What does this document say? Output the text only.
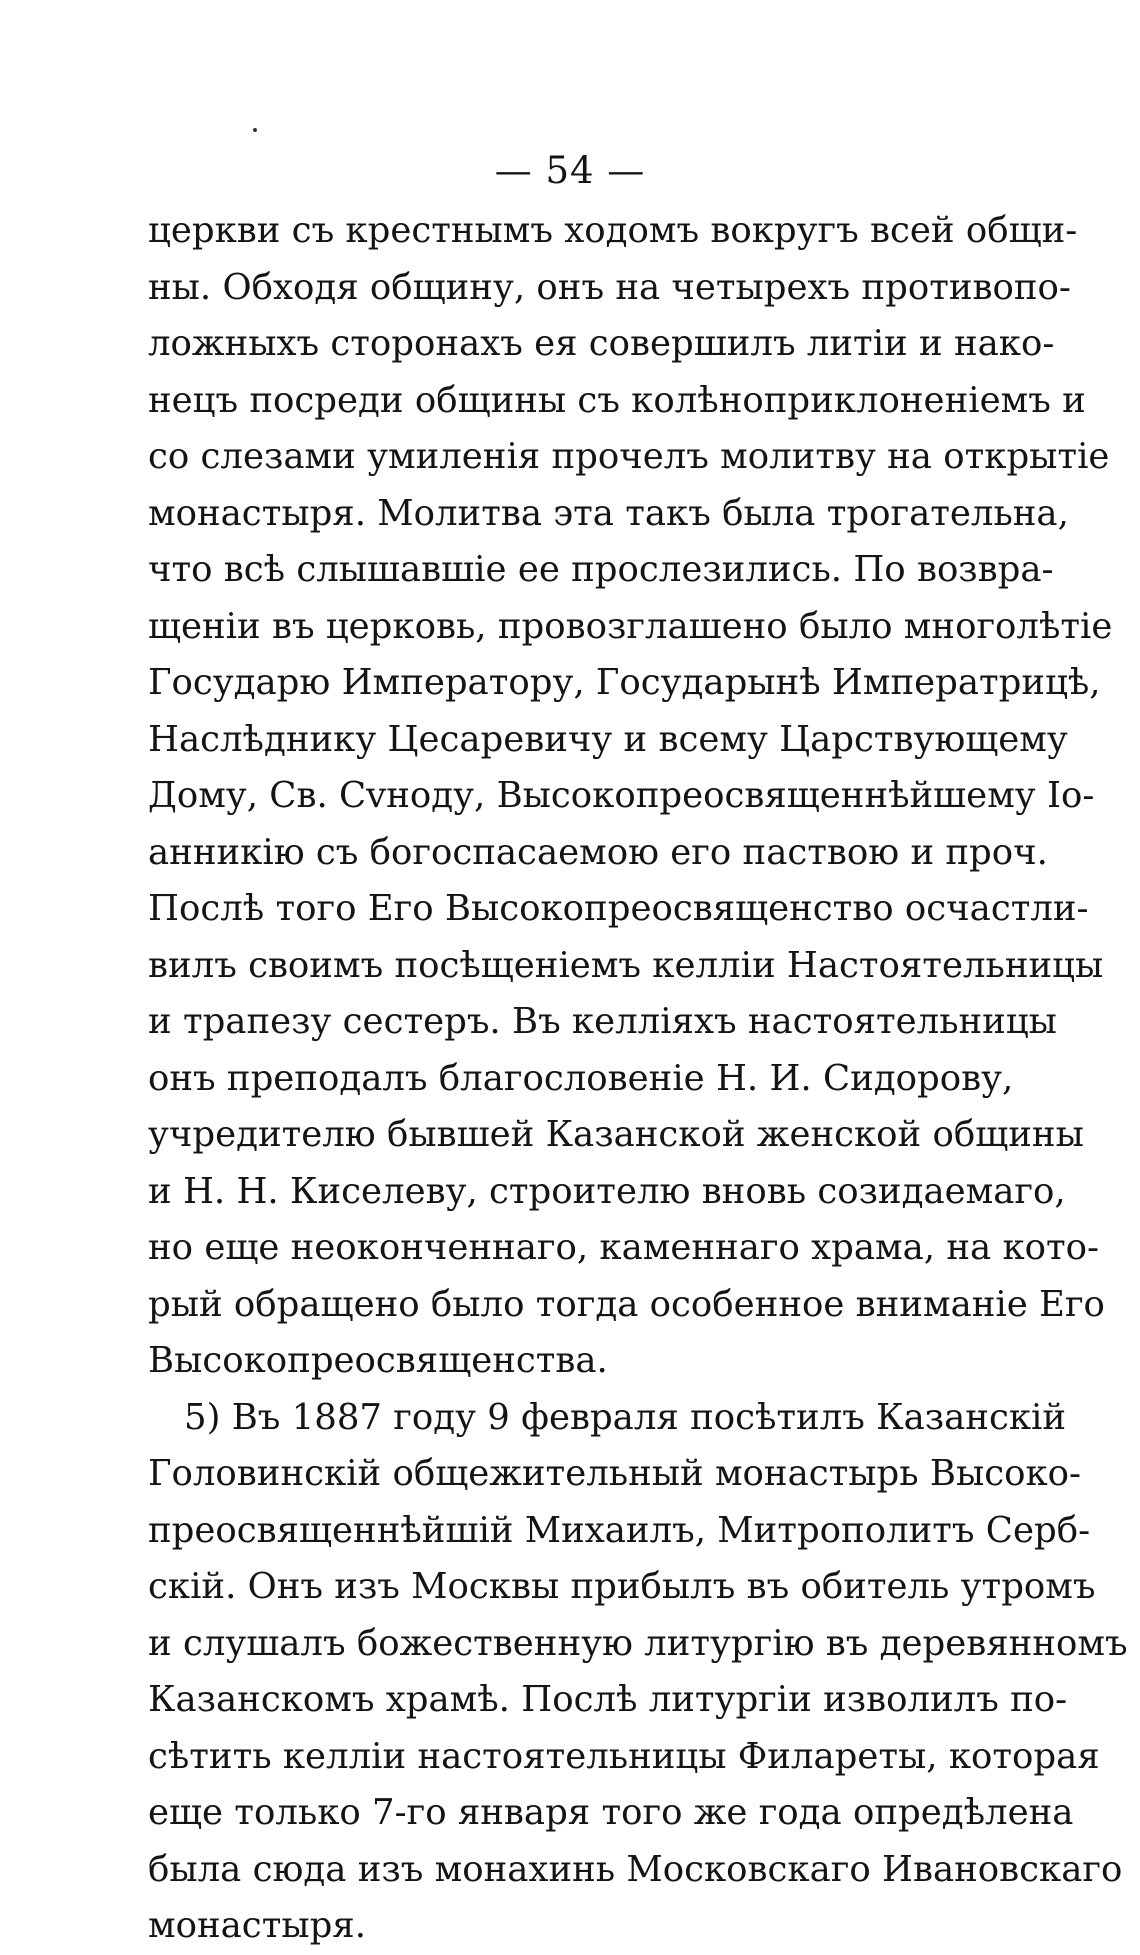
— 54 —
церкви съ крестнымъ ходомъ вокругъ всей общи-
ны. Обходя общину, онъ на четырехъ противопо-
ложныхъ сторонахъ ея совершилъ литіи и нако-
нецъ посреди общины съ колѣноприклоненіемъ и
со слезами умиленія прочелъ молитву на открытіе
монастыря. Молитва эта такъ была трогательна,
что всѣ слышавшіе ее прослезились. По возвра-
щеніи въ церковь, провозглашено было многолѣтіе
Государю Императору, Государынѣ Императрицѣ,
Наслѣднику Цесаревичу и всему Царствующему
Дому, Св. Сvноду, Высокопреосвященнѣйшему Іо-
анникію съ богоспасаемою его паствою и проч.
Послѣ того Его Высокопреосвященство осчастли-
вилъ своимъ посѣщеніемъ келліи Настоятельницы
и трапезу сестеръ. Въ келліяхъ настоятельницы
онъ преподалъ благословеніе Н. И. Сидорову,
учредителю бывшей Казанской женской общины
и Н. Н. Киселеву, строителю вновь созидаемаго,
но еще неоконченнаго, каменнаго храма, на кото-
рый обращено было тогда особенное вниманіе Его
Высокопреосвященства.
5) Въ 1887 году 9 февраля посѣтилъ Казанскій
Головинскій общежительный монастырь Высоко-
преосвященнѣйшій Михаилъ, Митрополитъ Серб-
скій. Онъ изъ Москвы прибылъ въ обитель утромъ
и слушалъ божественную литургію въ деревянномъ
Казанскомъ храмѣ. Послѣ литургіи изволилъ по-
сѣтить келліи настоятельницы Филареты, которая
еще только 7-го января того же года опредѣлена
была сюда изъ монахинь Московскаго Ивановскаго
монастыря.
